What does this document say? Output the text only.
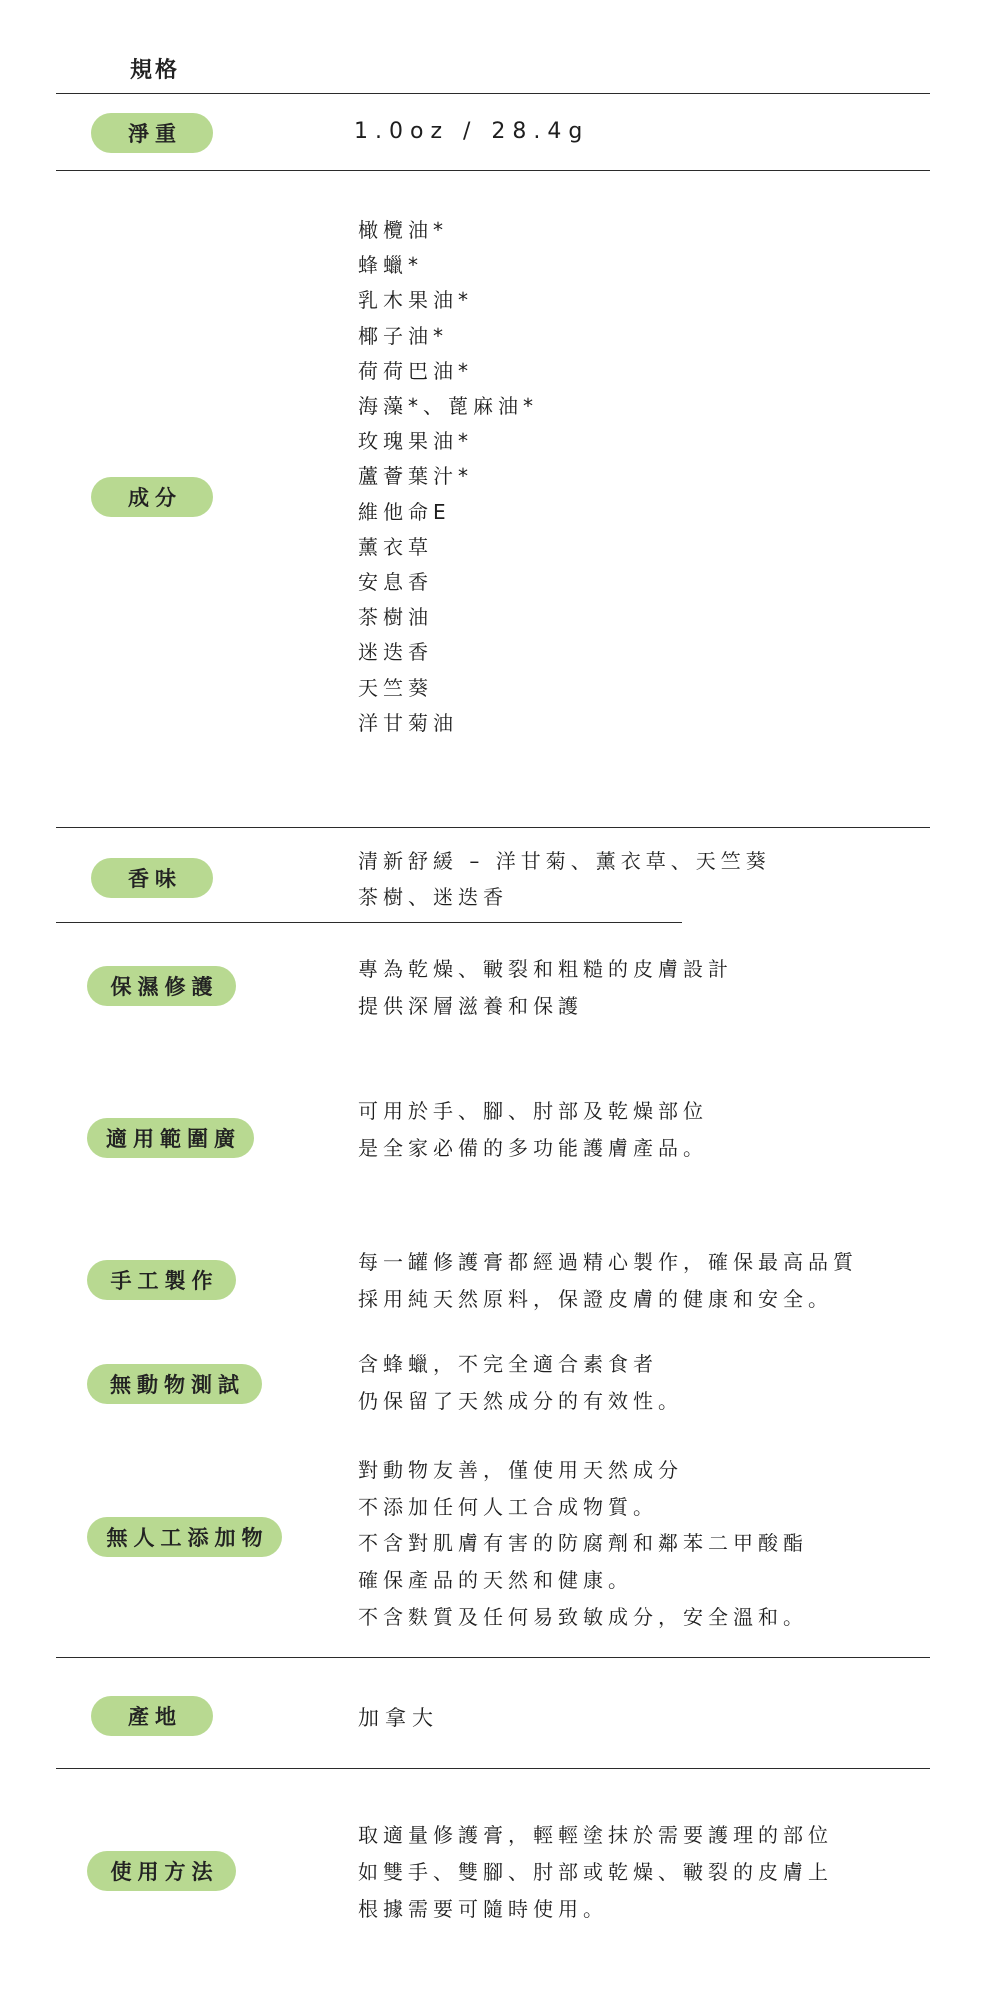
規格
淨重	1.0oz / 28.4g
成分
橄欖油*
蜂蠟*
乳木果油*
椰子油*
荷荷巴油*
海藻*、蓖麻油*
玫瑰果油*
蘆薈葉汁*
維他命E
薰衣草
安息香
茶樹油
迷迭香
天竺葵
洋甘菊油
香味
清新舒緩 – 洋甘菊、薰衣草、天竺葵
茶樹、迷迭香
保濕修護
專為乾燥、皸裂和粗糙的皮膚設計
提供深層滋養和保護
適用範圍廣
可用於手、腳、肘部及乾燥部位
是全家必備的多功能護膚產品。
手工製作
每一罐修護膏都經過精心製作，確保最高品質
採用純天然原料，保證皮膚的健康和安全。
無動物測試
含蜂蠟，不完全適合素食者
仍保留了天然成分的有效性。
無人工添加物
對動物友善，僅使用天然成分
不添加任何人工合成物質。
不含對肌膚有害的防腐劑和鄰苯二甲酸酯
確保產品的天然和健康。
不含麩質及任何易致敏成分，安全溫和。
產地	加拿大
使用方法
取適量修護膏，輕輕塗抹於需要護理的部位
如雙手、雙腳、肘部或乾燥、皸裂的皮膚上
根據需要可隨時使用。
